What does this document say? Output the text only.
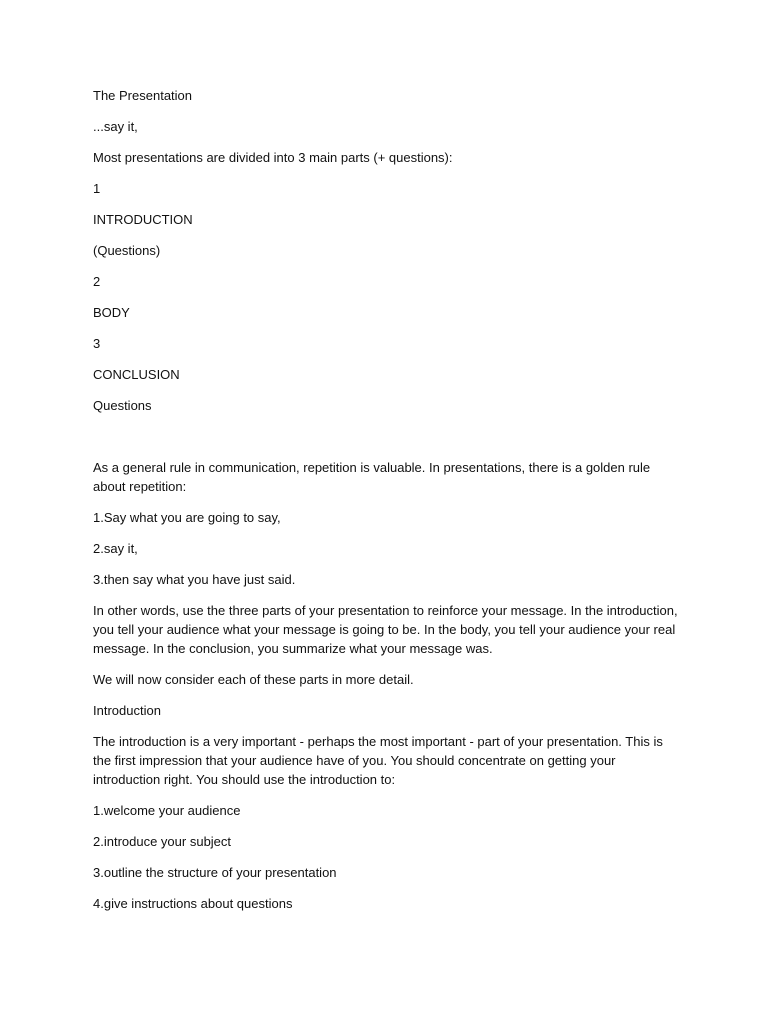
The Presentation

...say it,

Most presentations are divided into 3 main parts (+ questions):

1

INTRODUCTION

(Questions)

2

BODY

3

CONCLUSION

Questions

As a general rule in communication, repetition is valuable. In presentations, there is a golden rule about repetition:

1.Say what you are going to say,

2.say it,

3.then say what you have just said.

In other words, use the three parts of your presentation to reinforce your message. In the introduction, you tell your audience what your message is going to be. In the body, you tell your audience your real message. In the conclusion, you summarize what your message was.

We will now consider each of these parts in more detail.

Introduction

The introduction is a very important - perhaps the most important - part of your presentation. This is the first impression that your audience have of you. You should concentrate on getting your introduction right. You should use the introduction to:

1.welcome your audience

2.introduce your subject

3.outline the structure of your presentation

4.give instructions about questions
